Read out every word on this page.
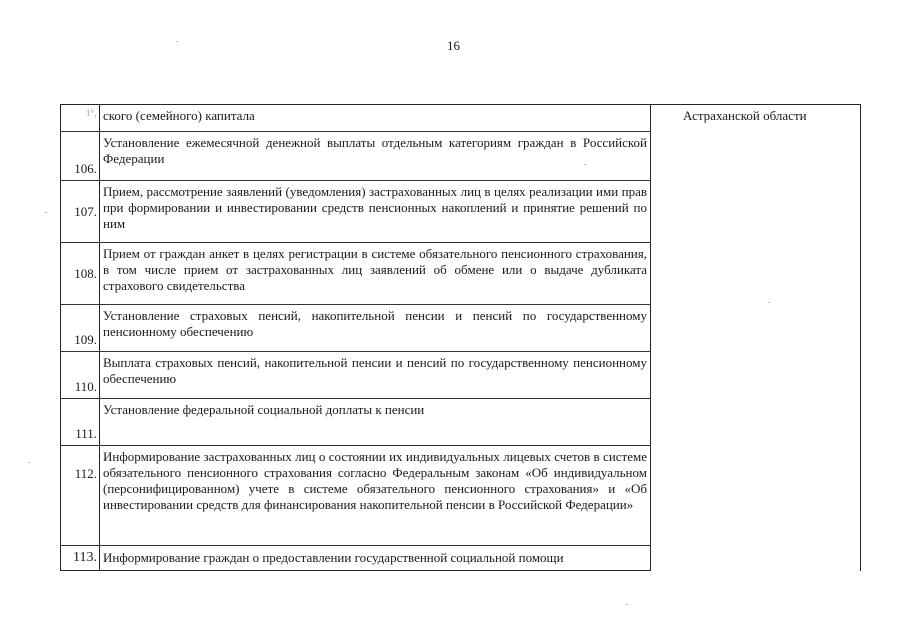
16
1°‚	ского (семейного) капитала	Астраханской области
106.	Установление ежемесячной денежной выплаты отдельным категориям граждан в Российской Федерации	
107.	Прием, рассмотрение заявлений (уведомления) застрахованных лиц в целях реализации ими прав при формировании и инвестировании средств пенсионных накоплений и принятие решений по ним	
108.	Прием от граждан анкет в целях регистрации в системе обязательного пенсионного страхования, в том числе прием от застрахованных лиц заявлений об обмене или о выдаче дубликата страхового свидетельства	
109.	Установление страховых пенсий, накопительной пенсии и пенсий по государственному пенсионному обеспечению	
110.	Выплата страховых пенсий, накопительной пенсии и пенсий по государственному пенсионному обеспечению	
111.	Установление федеральной социальной доплаты к пенсии	
112.	Информирование застрахованных лиц о состоянии их индивидуальных лицевых счетов в системе обязательного пенсионного страхования согласно Федеральным законам «Об индивидуальном (персонифицированном) учете в системе обязательного пенсионного страхования» и «Об инвестировании средств для финансирования накопительной пенсии в Российской Федерации»	
113.	Информирование граждан о предоставлении государственной социальной помощи	
